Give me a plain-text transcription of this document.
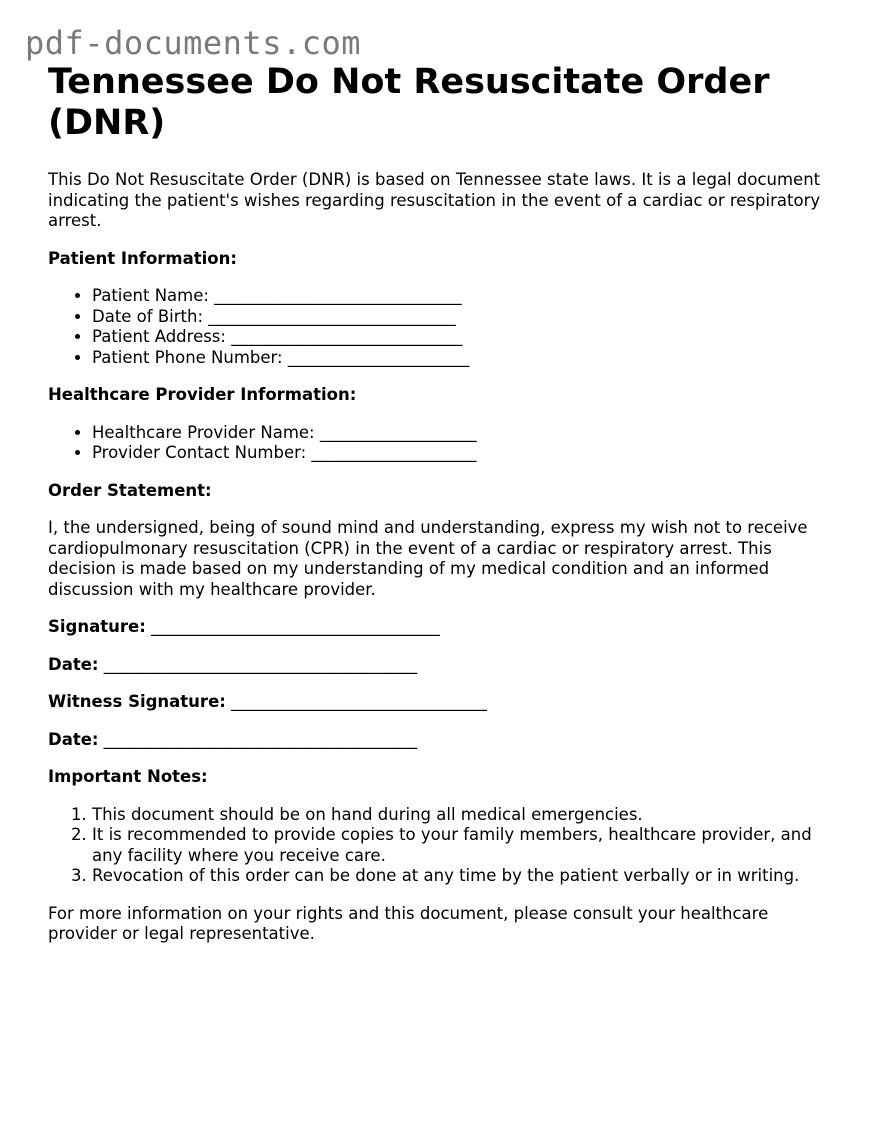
pdf-documents.com
Tennessee Do Not Resuscitate Order (DNR)

This Do Not Resuscitate Order (DNR) is based on Tennessee state laws. It is a legal document indicating the patient's wishes regarding resuscitation in the event of a cardiac or respiratory arrest.

Patient Information:
• Patient Name: ______________________________
• Date of Birth: ______________________________
• Patient Address: ____________________________
• Patient Phone Number: ______________________
Healthcare Provider Information:
• Healthcare Provider Name: ___________________
• Provider Contact Number: ____________________
Order Statement:

I, the undersigned, being of sound mind and understanding, express my wish not to receive cardiopulmonary resuscitation (CPR) in the event of a cardiac or respiratory arrest. This decision is made based on my understanding of my medical condition and an informed discussion with my healthcare provider.

Signature: ___________________________________
Date: ______________________________________
Witness Signature: _______________________________
Date: ______________________________________
Important Notes:
1. This document should be on hand during all medical emergencies.
2. It is recommended to provide copies to your family members, healthcare provider, and any facility where you receive care.
3. Revocation of this order can be done at any time by the patient verbally or in writing.

For more information on your rights and this document, please consult your healthcare provider or legal representative.
